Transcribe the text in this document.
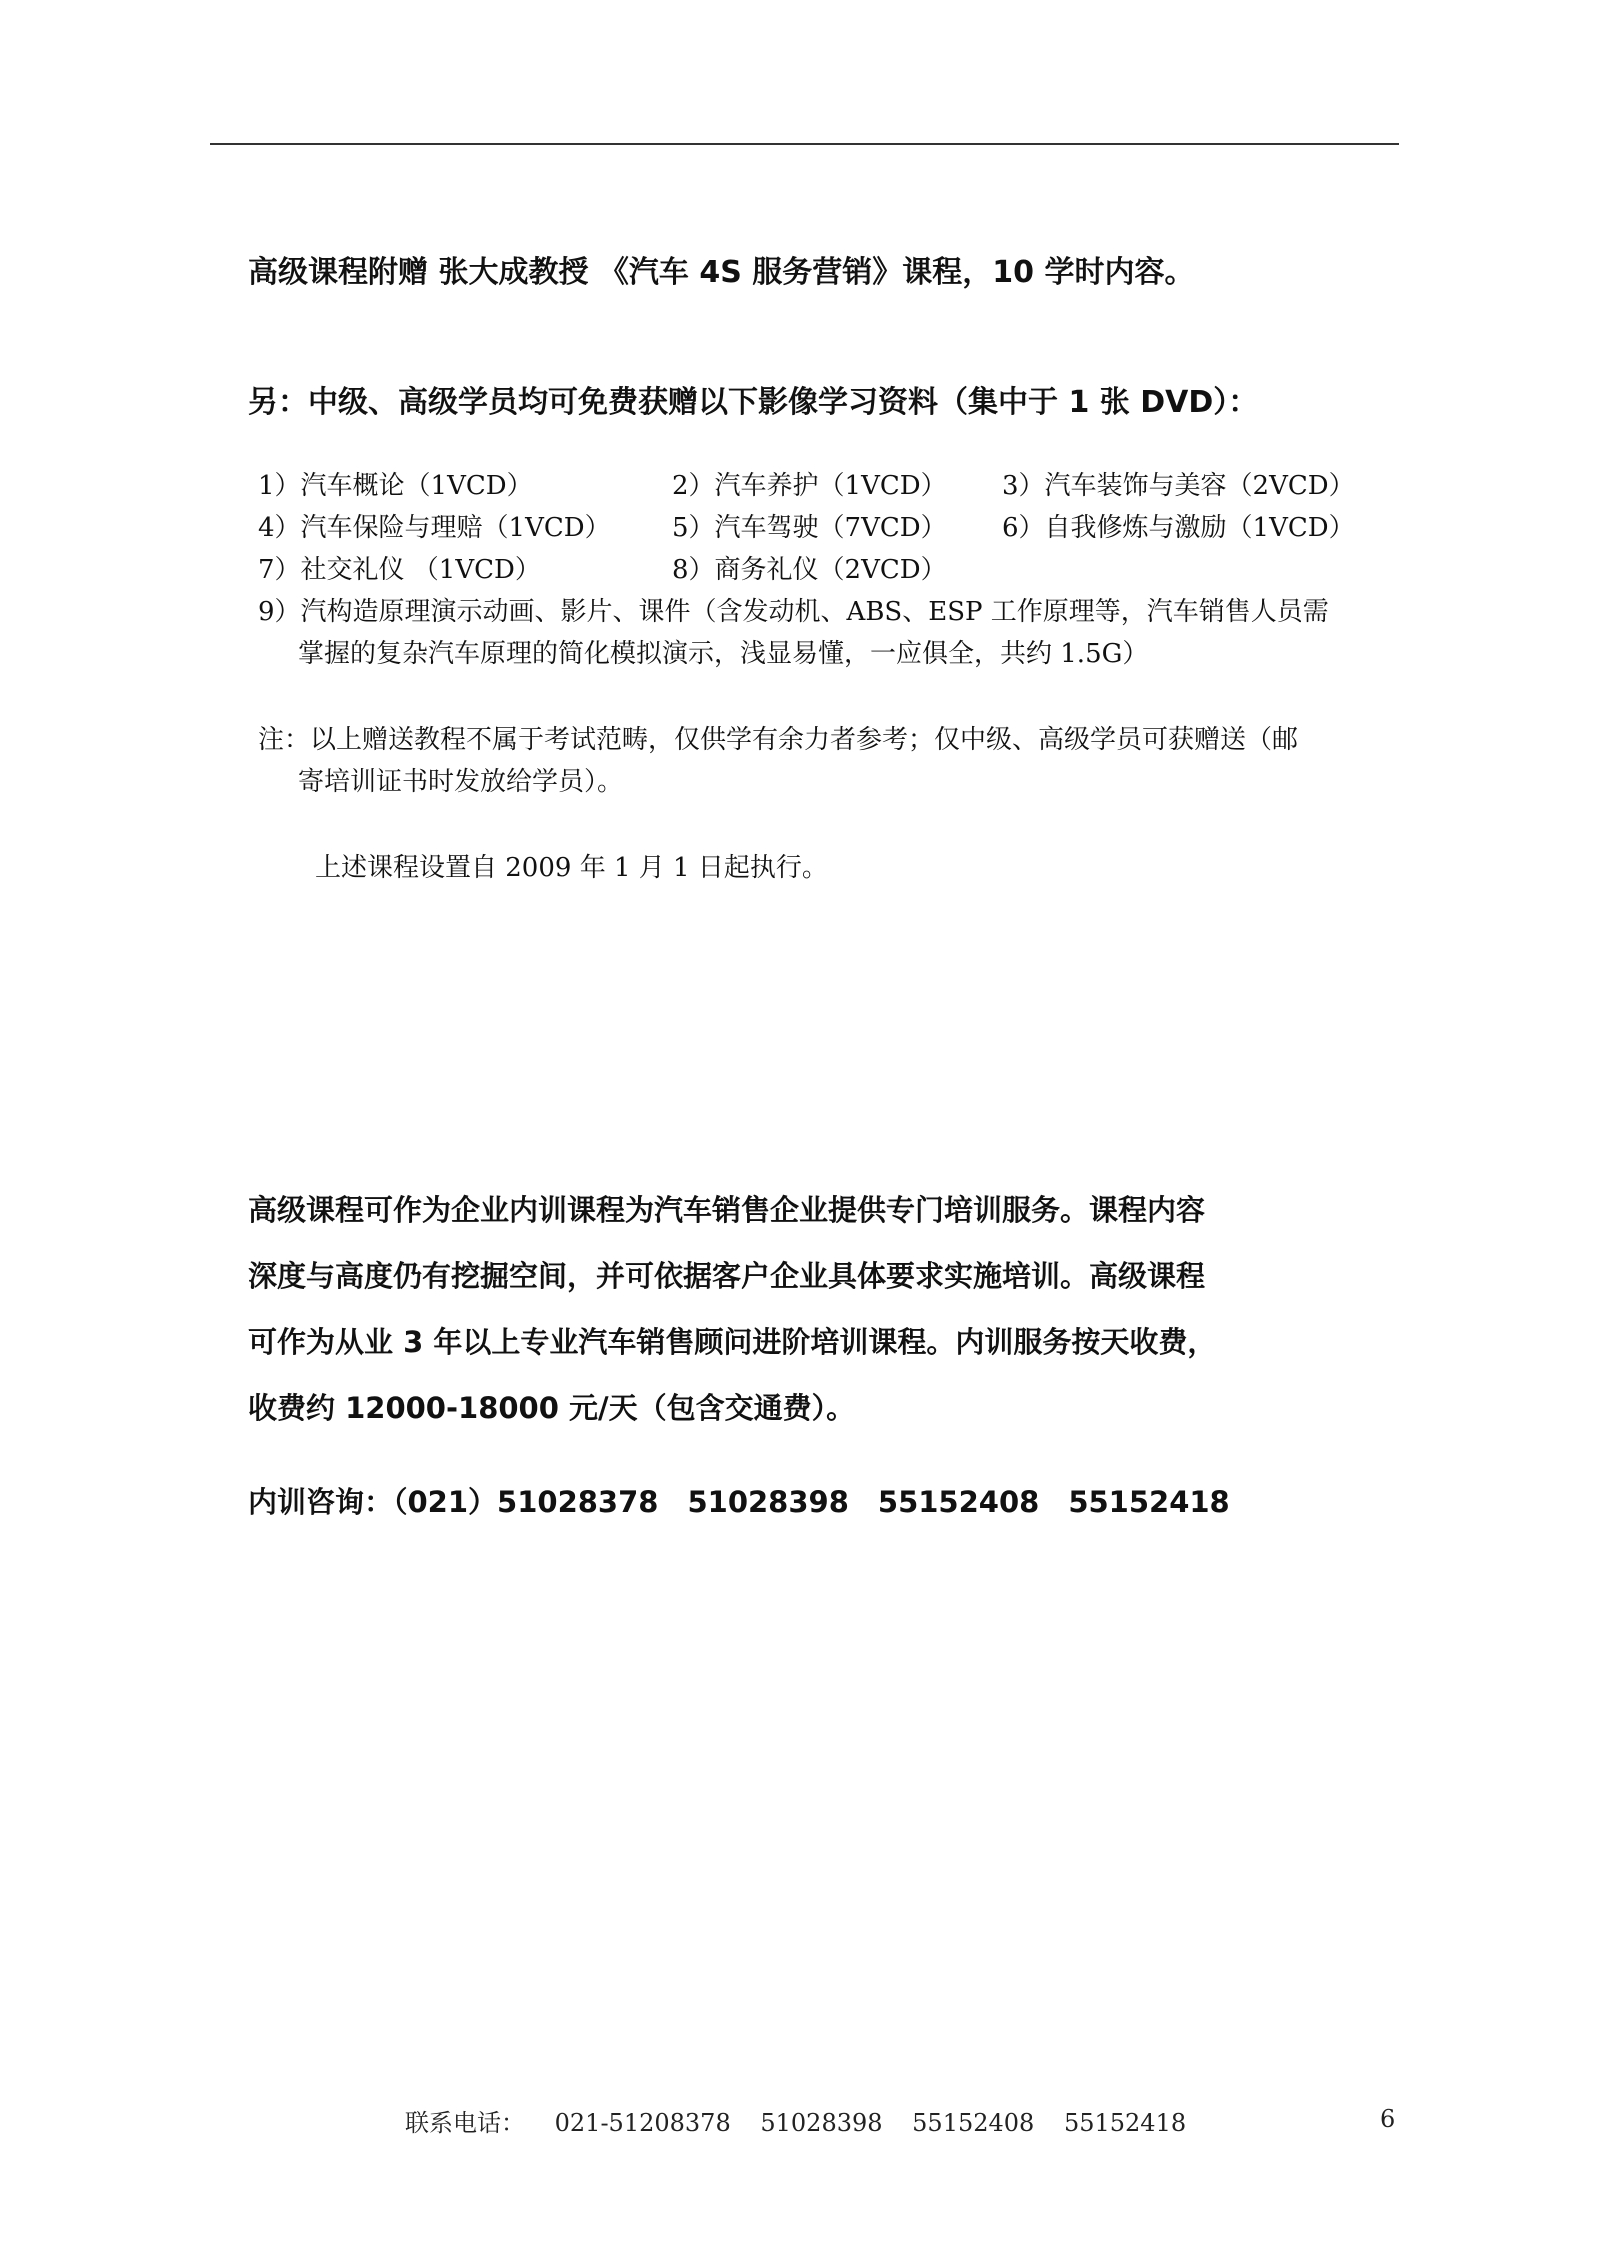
高级课程附赠 张大成教授 《汽车 4S 服务营销》课程，10 学时内容。
另：中级、高级学员均可免费获赠以下影像学习资料（集中于 1 张 DVD）：
1）汽车概论（1VCD）	2）汽车养护（1VCD） 3）汽车装饰与美容（2VCD）
4）汽车保险与理赔（1VCD） 5）汽车驾驶（7VCD） 6）自我修炼与激励（1VCD）
7）社交礼仪 （1VCD）	8）商务礼仪（2VCD）
9）汽构造原理演示动画、影片、课件（含发动机、ABS、ESP 工作原理等，汽车销售人员需
掌握的复杂汽车原理的简化模拟演示，浅显易懂，一应俱全，共约 1.5G）
注：以上赠送教程不属于考试范畴，仅供学有余力者参考；仅中级、高级学员可获赠送（邮
寄培训证书时发放给学员）。
上述课程设置自 2009 年 1 月 1 日起执行。
高级课程可作为企业内训课程为汽车销售企业提供专门培训服务。课程内容
深度与高度仍有挖掘空间，并可依据客户企业具体要求实施培训。高级课程
可作为从业 3 年以上专业汽车销售顾问进阶培训课程。内训服务按天收费，
收费约 12000-18000 元/天（包含交通费）。
内训咨询：（021）51028378　51028398　55152408　55152418
联系电话： 021-51208378 51028398 55152408 55152418	6
